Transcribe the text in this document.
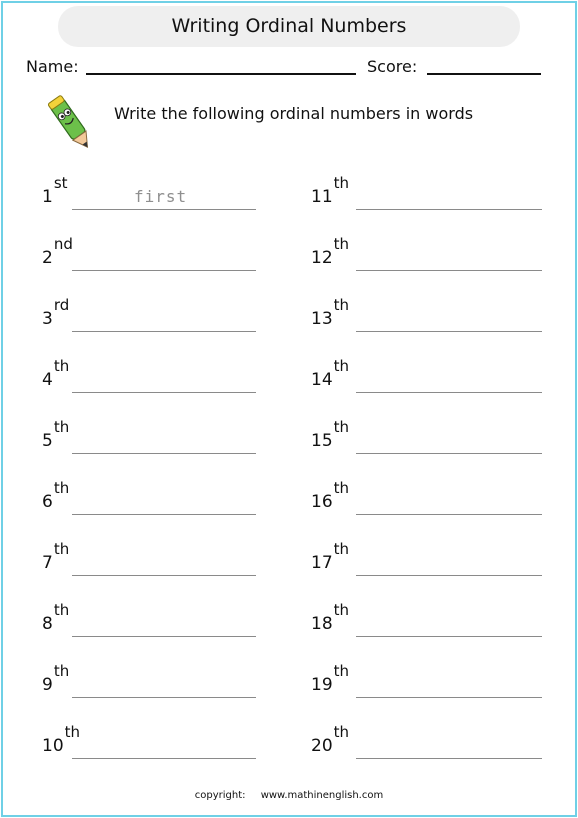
Writing Ordinal Numbers
Name:	Score:
Write the following ordinal numbers in words
1st
first
2nd
3rd
4th
5th
6th
7th
8th
9th
10th
11th
12th
13th
14th
15th
16th
17th
18th
19th
20th
copyright: www.mathinenglish.com
